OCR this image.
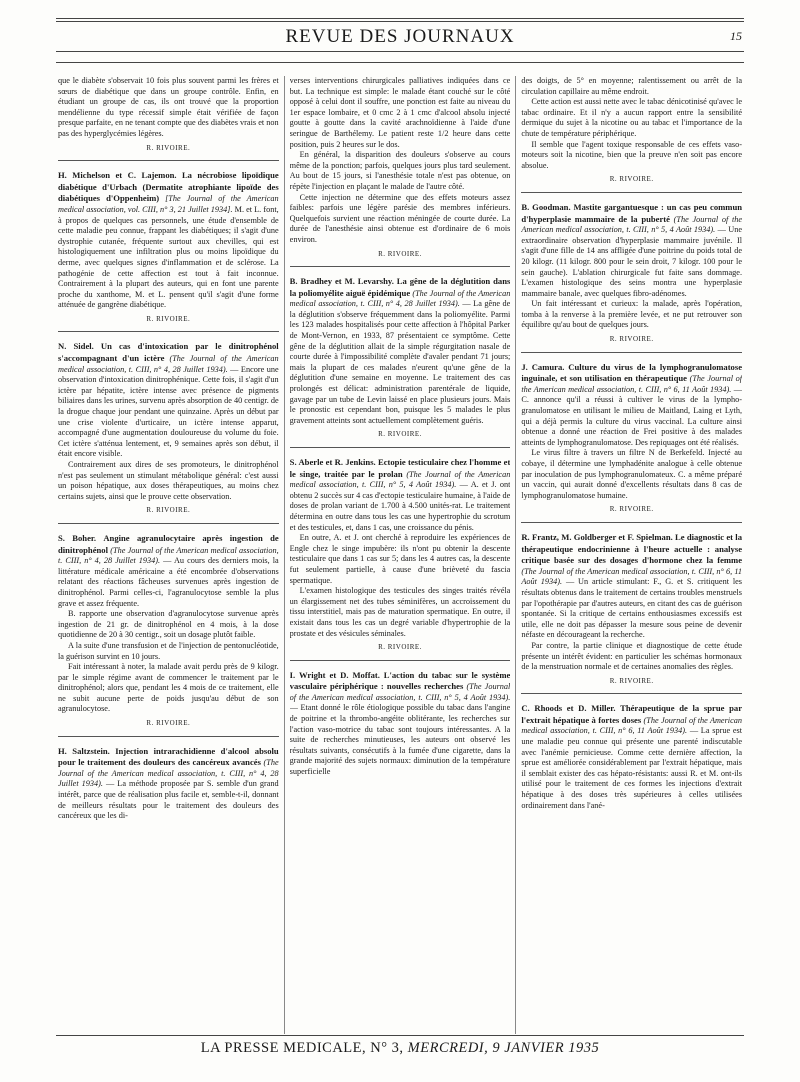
REVUE DES JOURNAUX	15

que le diabète s'observait 10 fois plus souvent parmi les frères et sœurs de diabétique que dans un groupe contrôle. Enfin, en étudiant un groupe de cas, ils ont trouvé que la proportion mendélienne du type récessif simple était vérifiée de façon presque parfaite, en ne tenant compte que des diabètes vrais et non pas des hyperglycémies légères.

R. RIVOIRE.

H. Michelson et C. Lajemon. La nécrobiose lipoïdique diabétique d'Urbach (Dermatite atrophiante lipoïde des diabétiques d'Oppenheim) [The Journal of the American medical association, vol. CIII, n° 3, 21 Juillet 1934]. M. et L. font, à propos de quelques cas personnels, une étude d'ensemble de cette maladie peu connue, frappant les diabétiques; il s'agit d'une dystrophie cutanée, fréquente surtout aux chevilles, qui est histologiquement une infiltration plus ou moins lipoïdique du derme, avec quelques signes d'inflammation et de sclérose. La pathogénie de cette affection est tout à fait inconnue. Contrairement à la plupart des auteurs, qui en font une parente proche du xanthome, M. et L. pensent qu'il s'agit d'une forme atténuée de gangrène diabétique.

R. RIVOIRE.

N. Sidel. Un cas d'intoxication par le dinitrophénol s'accompagnant d'un ictère (The Journal of the American medical association, t. CIII, n° 4, 28 Juillet 1934). — Encore une observation d'intoxication dinitrophénique. Cette fois, il s'agit d'un ictère par hépatite, ictère intense avec présence de pigments biliaires dans les urines, survenu après absorption de 40 centigr. de la drogue chaque jour pendant une quinzaine. Après un début par une crise violente d'urticaire, un ictère intense apparut, accompagné d'une augmentation douloureuse du volume du foie. Cet ictère s'atténua lentement, et, 9 semaines après son début, il était encore visible.

Contrairement aux dires de ses promoteurs, le dinitrophénol n'est pas seulement un stimulant métabolique général: c'est aussi un poison hépatique, aux doses thérapeutiques, au moins chez certains sujets, ainsi que le prouve cette observation.

R. RIVOIRE.

S. Boher. Angine agranulocytaire après ingestion de dinitrophénol (The Journal of the American medical association, t. CIII, n° 4, 28 Juillet 1934). — Au cours des derniers mois, la littérature médicale américaine a été encombrée d'observations relatant des réactions fâcheuses survenues après ingestion de dinitrophénol. Parmi celles-ci, l'agranulocytose semble la plus grave et assez fréquente.

B. rapporte une observation d'agranulocytose survenue après ingestion de 21 gr. de dinitrophénol en 4 mois, à la dose quotidienne de 20 à 30 centigr., soit un dosage plutôt faible.

A la suite d'une transfusion et de l'injection de pentonucléotide, la guérison survint en 10 jours.

Fait intéressant à noter, la malade avait perdu près de 9 kilogr. par le simple régime avant de commencer le traitement par le dinitrophénol; alors que, pendant les 4 mois de ce traitement, elle ne subit aucune perte de poids jusqu'au début de son agranulocytose.

R. RIVOIRE.

H. Saltzstein. Injection intrarachidienne d'alcool absolu pour le traitement des douleurs des cancéreux avancés (The Journal of the American medical association, t. CIII, n° 4, 28 Juillet 1934). — La méthode proposée par S. semble d'un grand intérêt, parce que de réalisation plus facile et, semble-t-il, donnant de meilleurs résultats pour le traitement des douleurs des cancéreux que les di-

verses interventions chirurgicales palliatives indiquées dans ce but. La technique est simple: le malade étant couché sur le côté opposé à celui dont il souffre, une ponction est faite au niveau du 1er espace lombaire, et 0 cmc 2 à 1 cmc d'alcool absolu injecté goutte à goutte dans la cavité arachnoïdienne à l'aide d'une seringue de Barthélemy. Le patient reste 1/2 heure dans cette position, puis 2 heures sur le dos.

En général, la disparition des douleurs s'observe au cours même de la ponction; parfois, quelques jours plus tard seulement. Au bout de 15 jours, si l'anesthésie totale n'est pas obtenue, on répète l'injection en plaçant le malade de l'autre côté.

Cette injection ne détermine que des effets moteurs assez faibles: parfois une légère parésie des membres inférieurs. Quelquefois survient une réaction méningée de courte durée. La durée de l'anesthésie ainsi obtenue est d'ordinaire de 6 mois environ.

R. RIVOIRE.

B. Bradhey et M. Levarshy. La gêne de la déglutition dans la poliomyélite aiguë épidémique (The Journal of the American medical association, t. CIII, n° 4, 28 Juillet 1934). — La gêne de la déglutition s'observe fréquemment dans la poliomyélite. Parmi les 123 malades hospitalisés pour cette affection à l'hôpital Parker de Mont-Vernon, en 1933, 87 présentaient ce symptôme. Cette gêne de la déglutition allait de la simple régurgitation nasale de courte durée à l'impossibilité complète d'avaler pendant 71 jours; mais la plupart de ces malades n'eurent qu'une gêne de la déglutition d'une semaine en moyenne. Le traitement des cas prolongés est délicat: administration parentérale de liquide, gavage par un tube de Levin laissé en place plusieurs jours. Mais le pronostic est cependant bon, puisque les 5 malades le plus gravement atteints sont actuellement complètement guéris.

R. RIVOIRE.

S. Aberle et R. Jenkins. Ectopie testiculaire chez l'homme et le singe, traitée par le prolan (The Journal of the American medical association, t. CIII, n° 5, 4 Août 1934). — A. et J. ont obtenu 2 succès sur 4 cas d'ectopie testiculaire humaine, à l'aide de doses de prolan variant de 1.700 à 4.500 unités-rat. Le traitement détermina en outre dans tous les cas une hypertrophie du scrotum et des testicules, et, dans 1 cas, une croissance du pénis.

En outre, A. et J. ont cherché à reproduire les expériences de Engle chez le singe impubère: ils n'ont pu obtenir la descente testiculaire que dans 1 cas sur 5; dans les 4 autres cas, la descente fut seulement partielle, à cause d'une brièveté du fascia spermatique.

L'examen histologique des testicules des singes traités révéla un élargissement net des tubes séminifères, un accroissement du tissu interstitiel, mais pas de maturation spermatique. En outre, il existait dans tous les cas un degré variable d'hypertrophie de la prostate et des vésicules séminales.

R. RIVOIRE.

I. Wright et D. Moffat. L'action du tabac sur le système vasculaire périphérique : nouvelles recherches (The Journal of the American medical association, t. CIII, n° 5, 4 Août 1934). — Etant donné le rôle étiologique possible du tabac dans l'angine de poitrine et la thrombo-angéite oblitérante, les recherches sur l'action vaso-motrice du tabac sont toujours intéressantes. A la suite de recherches minutieuses, les auteurs ont observé les résultats suivants, consécutifs à la fumée d'une cigarette, dans la grande majorité des sujets normaux: diminution de la température superficielle

des doigts, de 5° en moyenne; ralentissement ou arrêt de la circulation capillaire au même endroit.

Cette action est aussi nette avec le tabac dénicotinisé qu'avec le tabac ordinaire. Et il n'y a aucun rapport entre la sensibilité dermique du sujet à la nicotine ou au tabac et l'importance de la chute de température périphérique.

Il semble que l'agent toxique responsable de ces effets vaso-moteurs soit la nicotine, bien que la preuve n'en soit pas encore absolue.

R. RIVOIRE.

B. Goodman. Mastite gargantuesque : un cas peu commun d'hyperplasie mammaire de la puberté (The Journal of the American medical association, t. CIII, n° 5, 4 Août 1934). — Une extraordinaire observation d'hyperplasie mammaire juvénile. Il s'agit d'une fille de 14 ans affligée d'une poitrine du poids total de 20 kilogr. (11 kilogr. 800 pour le sein droit, 7 kilogr. 100 pour le sein gauche). L'ablation chirurgicale fut faite sans dommage. L'examen histologique des seins montra une hyperplasie mammaire banale, avec quelques fibro-adénomes.

Un fait intéressant et curieux: la malade, après l'opération, tomba à la renverse à la première levée, et ne put retrouver son équilibre qu'au bout de quelques jours.

R. RIVOIRE.

J. Camura. Culture du virus de la lymphogranulomatose inguinale, et son utilisation en thérapeutique (The Journal of the American medical association, t. CIII, n° 6, 11 Août 1934). — C. annonce qu'il a réussi à cultiver le virus de la lympho-granulomatose en utilisant le milieu de Maitland, Laing et Lyth, qui a déjà permis la culture du virus vaccinal. La culture ainsi obtenue a donné une réaction de Frei positive à des malades atteints de lymphogranulomatose. Des repiquages ont été réalisés.

Le virus filtre à travers un filtre N de Berkefeld. Injecté au cobaye, il détermine une lymphadénite analogue à celle obtenue par inoculation de pus lymphogranulomateux. C. a même préparé un vaccin, qui aurait donné d'excellents résultats dans 8 cas de lymphogranulomatose humaine.

R. RIVOIRE.

R. Frantz, M. Goldberger et F. Spielman. Le diagnostic et la thérapeutique endocrinienne à l'heure actuelle : analyse critique basée sur des dosages d'hormone chez la femme (The Journal of the American medical association, t. CIII, n° 6, 11 Août 1934). — Un article stimulant: F., G. et S. critiquent les résultats obtenus dans le traitement de certains troubles menstruels par l'opothérapie par d'autres auteurs, en citant des cas de guérison spontanée. Si la critique de certains enthousiasmes excessifs est utile, elle ne doit pas dépasser la mesure sous peine de devenir néfaste en décourageant la recherche.

Par contre, la partie clinique et diagnostique de cette étude présente un intérêt évident: en particulier les schémas hormonaux de la menstruation normale et de certaines anomalies des règles.

R. RIVOIRE.

C. Rhoods et D. Miller. Thérapeutique de la sprue par l'extrait hépatique à fortes doses (The Journal of the American medical association, t. CIII, n° 6, 11 Août 1934). — La sprue est une maladie peu connue qui présente une parenté indiscutable avec l'anémie pernicieuse. Comme cette dernière affection, la sprue est améliorée considérablement par l'extrait hépatique, mais il semblait exister des cas hépato-résistants: aussi R. et M. ont-ils utilisé pour le traitement de ces formes les injections d'extrait hépatique à des doses très supérieures à celles utilisées ordinairement dans l'ané-

LA PRESSE MEDICALE, N° 3, MERCREDI, 9 JANVIER 1935
